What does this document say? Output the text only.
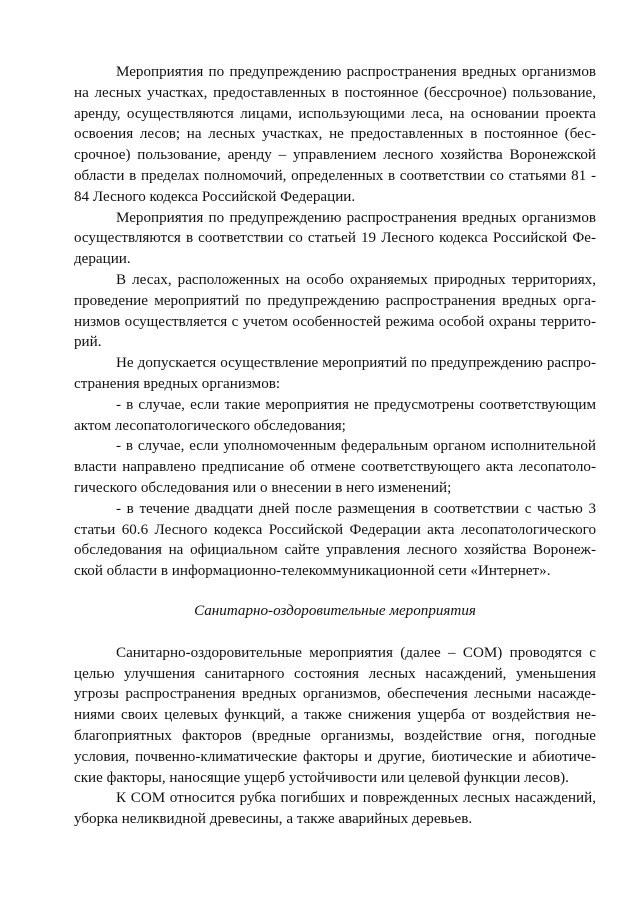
Мероприятия по предупреждению распространения вредных организмов на лесных участках, предоставленных в постоянное (бессрочное) пользование, аренду, осуществляются лицами, использующими леса, на основании проекта освоения лесов; на лесных участках, не предоставленных в постоянное (бессрочное) пользование, аренду – управлением лесного хозяйства Воронежской области в пределах полномочий, определенных в соответствии со статьями 81 - 84 Лесного кодекса Российской Федерации.

Мероприятия по предупреждению распространения вредных организмов осуществляются в соответствии со статьей 19 Лесного кодекса Российской Федерации.

В лесах, расположенных на особо охраняемых природных территориях, проведение мероприятий по предупреждению распространения вредных организмов осуществляется с учетом особенностей режима особой охраны территорий.

Не допускается осуществление мероприятий по предупреждению распространения вредных организмов:

- в случае, если такие мероприятия не предусмотрены соответствующим актом лесопатологического обследования;

- в случае, если уполномоченным федеральным органом исполнительной власти направлено предписание об отмене соответствующего акта лесопатологического обследования или о внесении в него изменений;

- в течение двадцати дней после размещения в соответствии с частью 3 статьи 60.6 Лесного кодекса Российской Федерации акта лесопатологического обследования на официальном сайте управления лесного хозяйства Воронежской области в информационно-телекоммуникационной сети «Интернет».

Санитарно-оздоровительные мероприятия

Санитарно-оздоровительные мероприятия (далее – СОМ) проводятся с целью улучшения санитарного состояния лесных насаждений, уменьшения угрозы распространения вредных организмов, обеспечения лесными насаждениями своих целевых функций, а также снижения ущерба от воздействия неблагоприятных факторов (вредные организмы, воздействие огня, погодные условия, почвенно-климатические факторы и другие, биотические и абиотические факторы, наносящие ущерб устойчивости или целевой функции лесов).

К СОМ относится рубка погибших и поврежденных лесных насаждений, уборка неликвидной древесины, а также аварийных деревьев.
